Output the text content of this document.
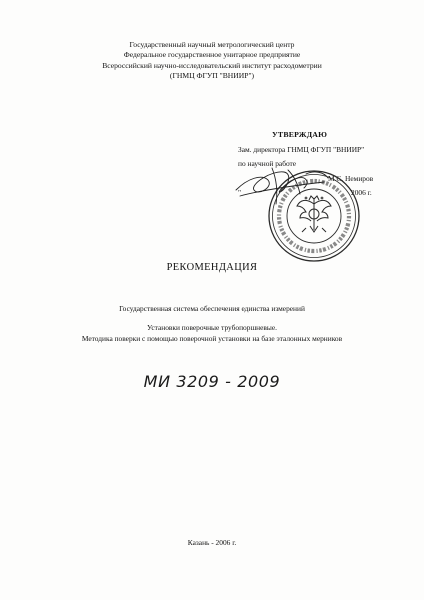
Государственный научный метрологический центр
Федеральное государственное унитарное предприятие
Всероссийский научно-исследовательский институт расходометрии
(ГНМЦ ФГУП "ВНИИР")
УТВЕРЖДАЮ
Зам. директора ГНМЦ ФГУП "ВНИИР"
по научной работе
М.С. Немиров
"	2006 г.
РЕКОМЕНДАЦИЯ
Государственная система обеспечения единства измерений
Установки поверочные трубопоршневые.
Методика поверки с помощью поверочной установки на базе эталонных мерников
МИ 3209 - 2009
Казань - 2006 г.
